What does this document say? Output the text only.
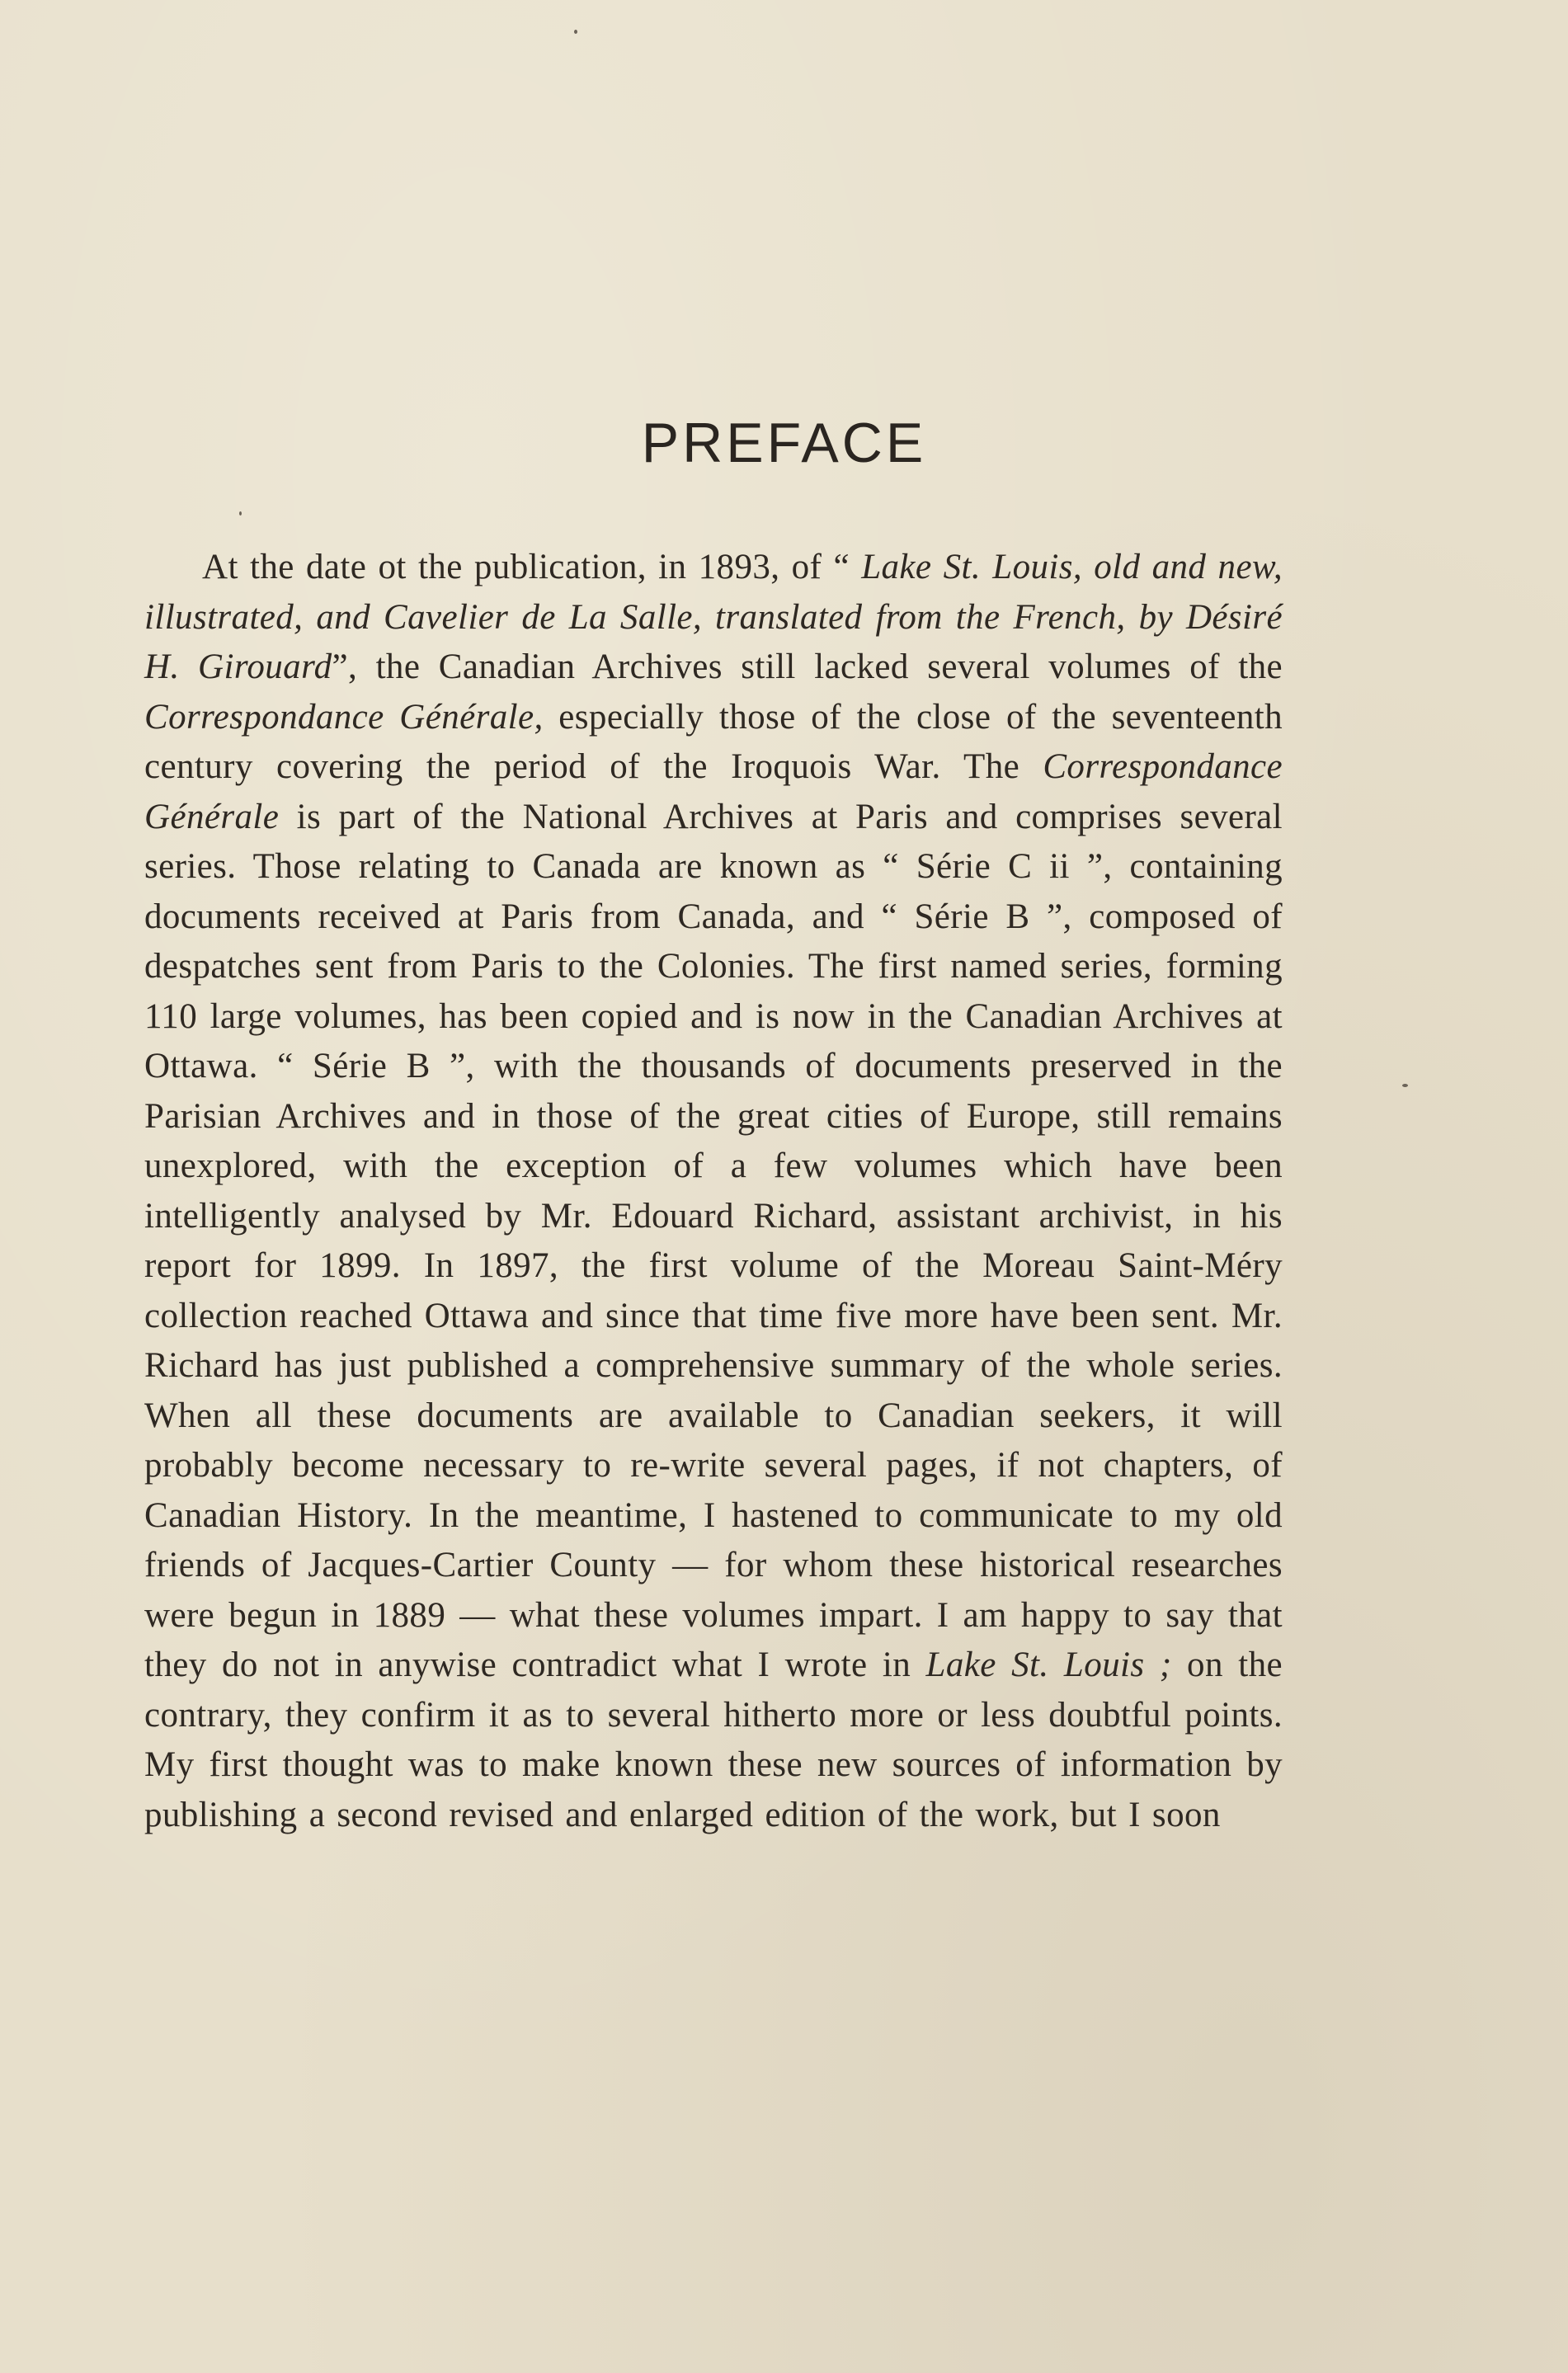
PREFACE
At the date ot the publication, in 1893, of “ Lake St. Louis, old and new, illustrated, and Cavelier de La Salle, translated from the French, by Désiré H. Girouard”, the Canadian Archives still lacked several volumes of the Correspondance Générale, especially those of the close of the seventeenth century covering the period of the Iroquois War. The Correspondance Générale is part of the National Archives at Paris and comprises several series. Those relating to Canada are known as “ Série C ii ”, containing documents received at Paris from Canada, and “ Série B ”, composed of despatches sent from Paris to the Colonies. The first named series, forming 110 large volumes, has been copied and is now in the Canadian Archives at Ottawa. “ Série B ”, with the thousands of documents preserved in the Parisian Archives and in those of the great cities of Europe, still remains unexplored, with the exception of a few volumes which have been intelligently analysed by Mr. Edouard Richard, assistant archivist, in his report for 1899. In 1897, the first volume of the Moreau Saint-Méry collection reached Ottawa and since that time five more have been sent. Mr. Richard has just published a comprehensive summary of the whole series. When all these documents are available to Canadian seekers, it will probably become necessary to re-write several pages, if not chapters, of Canadian History. In the meantime, I hastened to communicate to my old friends of Jacques-Cartier County — for whom these historical researches were begun in 1889 — what these volumes impart. I am happy to say that they do not in anywise contradict what I wrote in Lake St. Louis ; on the contrary, they confirm it as to several hitherto more or less doubtful points. My first thought was to make known these new sources of information by publishing a second revised and enlarged edition of the work, but I soon
